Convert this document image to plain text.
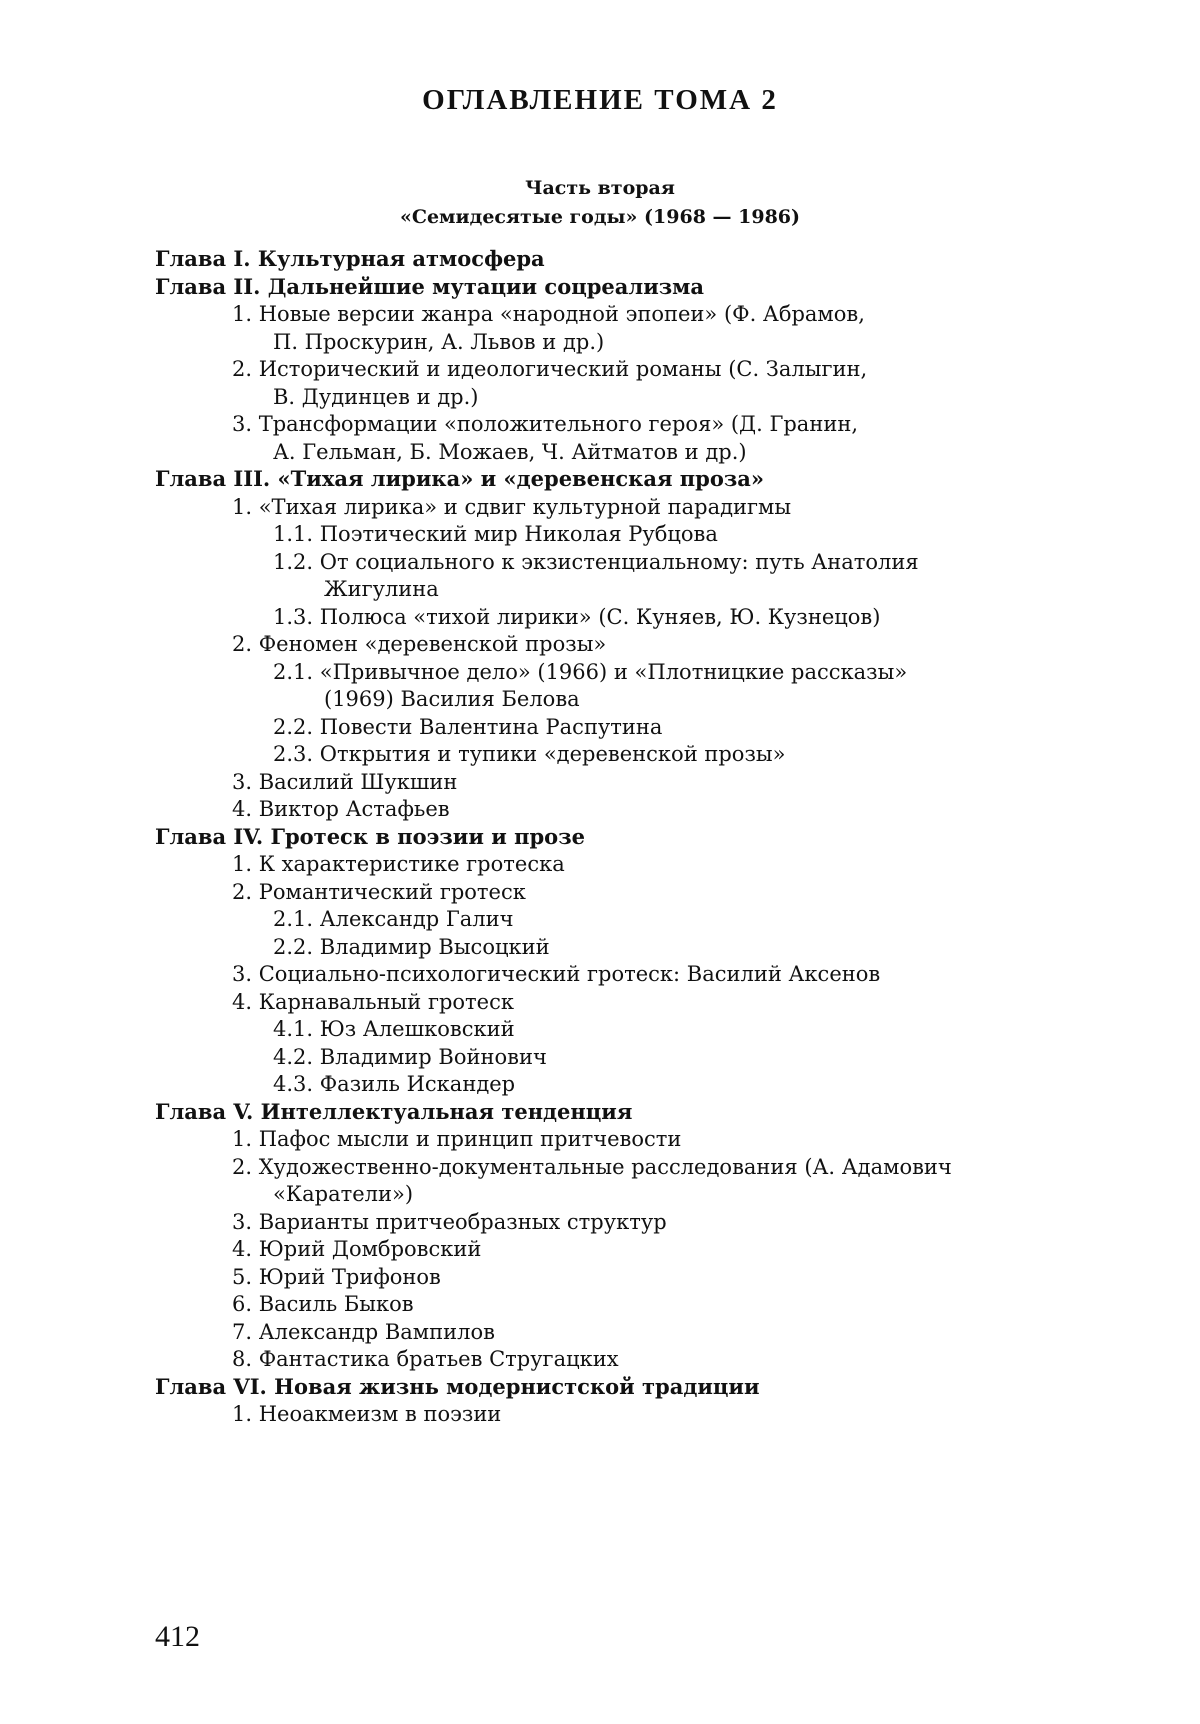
ОГЛАВЛЕНИЕ ТОМА 2
Часть вторая
«Семидесятые годы» (1968 — 1986)
Глава I. Культурная атмосфера
Глава II. Дальнейшие мутации соцреализма
1. Новые версии жанра «народной эпопеи» (Ф. Абрамов,
П. Проскурин, А. Львов и др.)
2. Исторический и идеологический романы (С. Залыгин,
В. Дудинцев и др.)
3. Трансформации «положительного героя» (Д. Гранин,
А. Гельман, Б. Можаев, Ч. Айтматов и др.)
Глава III. «Тихая лирика» и «деревенская проза»
1. «Тихая лирика» и сдвиг культурной парадигмы
1.1. Поэтический мир Николая Рубцова
1.2. От социального к экзистенциальному: путь Анатолия
Жигулина
1.3. Полюса «тихой лирики» (С. Куняев, Ю. Кузнецов)
2. Феномен «деревенской прозы»
2.1. «Привычное дело» (1966) и «Плотницкие рассказы»
(1969) Василия Белова
2.2. Повести Валентина Распутина
2.3. Открытия и тупики «деревенской прозы»
3. Василий Шукшин
4. Виктор Астафьев
Глава IV. Гротеск в поэзии и прозе
1. К характеристике гротеска
2. Романтический гротеск
2.1. Александр Галич
2.2. Владимир Высоцкий
3. Социально-психологический гротеск: Василий Аксенов
4. Карнавальный гротеск
4.1. Юз Алешковский
4.2. Владимир Войнович
4.3. Фазиль Искандер
Глава V. Интеллектуальная тенденция
1. Пафос мысли и принцип притчевости
2. Художественно-документальные расследования (А. Адамович
«Каратели»)
3. Варианты притчеобразных структур
4. Юрий Домбровский
5. Юрий Трифонов
6. Василь Быков
7. Александр Вампилов
8. Фантастика братьев Стругацких
Глава VI. Новая жизнь модернистской традиции
1. Неоакмеизм в поэзии
412
